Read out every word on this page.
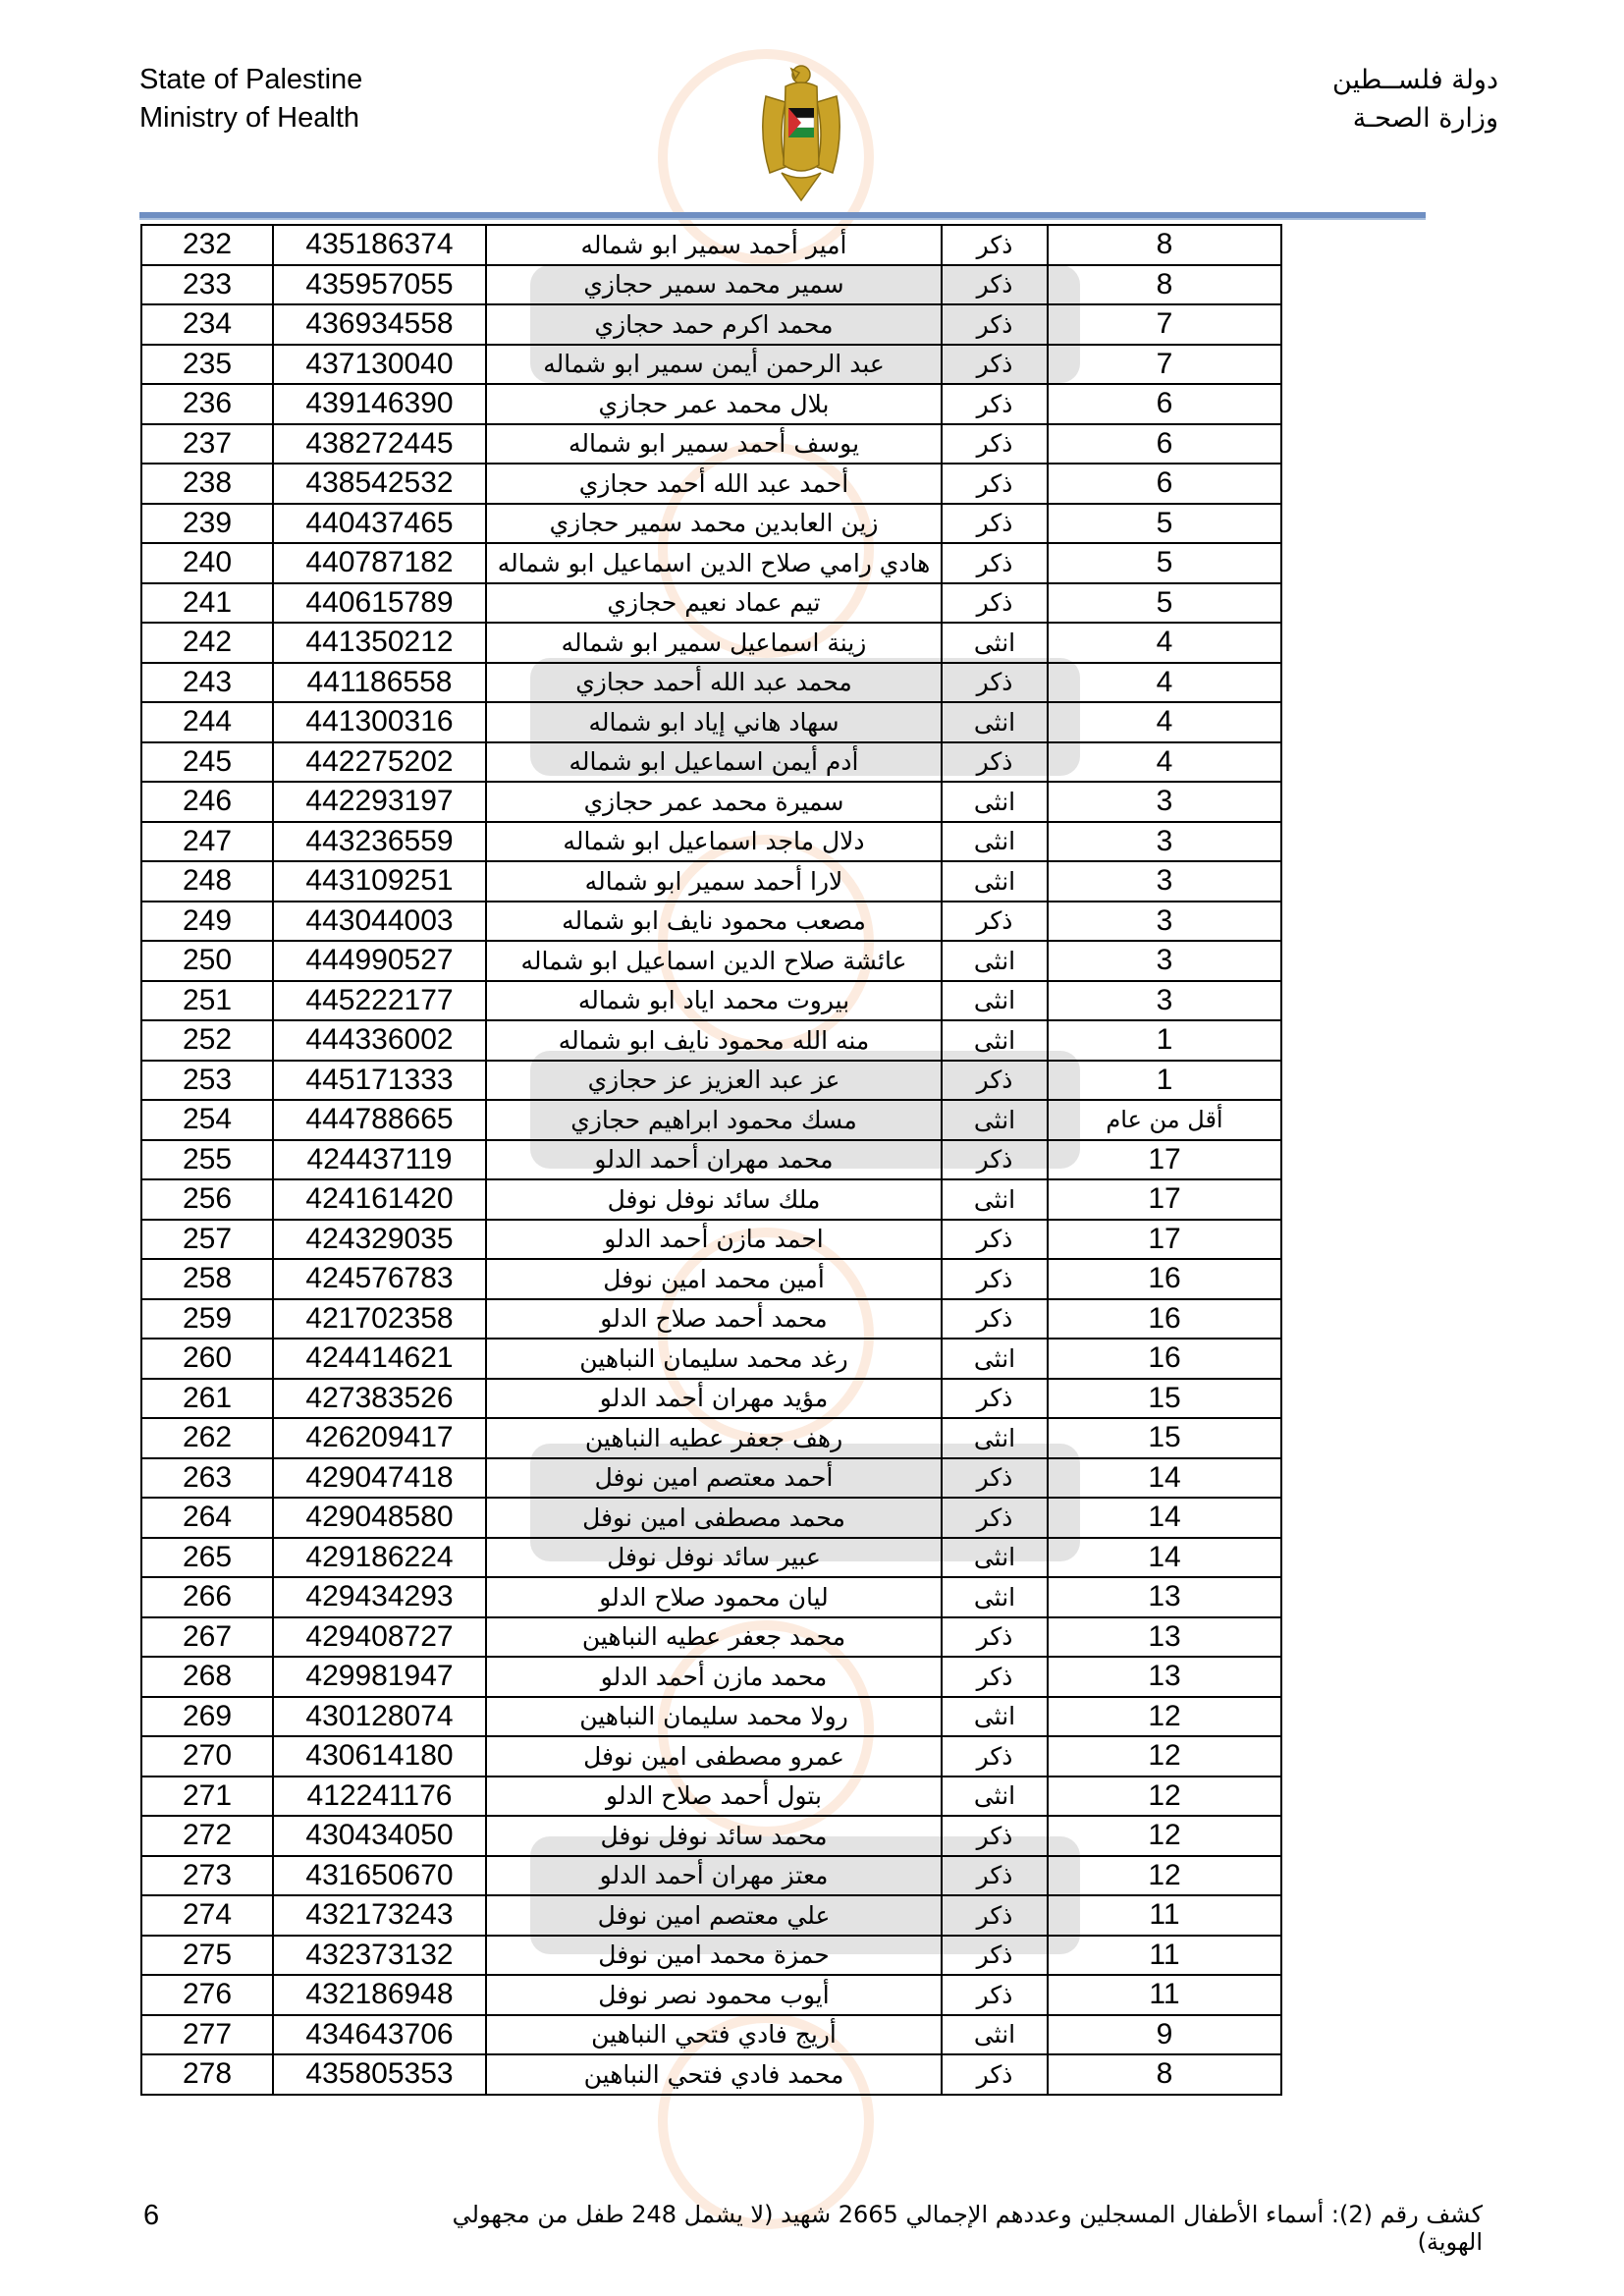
State of Palestine
Ministry of Health
دولة فلســطين
وزارة الصحـة
232	435186374	أمير أحمد سمير ابو شماله	ذكر	8
233	435957055	سمير محمد سمير حجازي	ذكر	8
234	436934558	محمد اكرم حمد حجازي	ذكر	7
235	437130040	عبد الرحمن أيمن سمير ابو شماله	ذكر	7
236	439146390	بلال محمد عمر حجازي	ذكر	6
237	438272445	يوسف أحمد سمير ابو شماله	ذكر	6
238	438542532	أحمد عبد الله أحمد حجازي	ذكر	6
239	440437465	زين العابدين محمد سمير حجازي	ذكر	5
240	440787182	هادي رامي صلاح الدين اسماعيل ابو شماله	ذكر	5
241	440615789	تيم عماد نعيم حجازي	ذكر	5
242	441350212	زينة اسماعيل سمير ابو شماله	انثى	4
243	441186558	محمد عبد الله أحمد حجازي	ذكر	4
244	441300316	سهاد هاني إياد ابو شماله	انثى	4
245	442275202	أدم أيمن اسماعيل ابو شماله	ذكر	4
246	442293197	سميرة محمد عمر حجازي	انثى	3
247	443236559	دلال ماجد اسماعيل ابو شماله	انثى	3
248	443109251	لارا أحمد سمير ابو شماله	انثى	3
249	443044003	مصعب محمود نايف ابو شماله	ذكر	3
250	444990527	عائشة صلاح الدين اسماعيل ابو شماله	انثى	3
251	445222177	بيروت محمد اياد ابو شماله	انثى	3
252	444336002	منه الله محمود نايف ابو شماله	انثى	1
253	445171333	عز عبد العزيز عز حجازي	ذكر	1
254	444788665	مسك محمود ابراهيم حجازي	انثى	أقل من عام
255	424437119	محمد مهران أحمد الدلو	ذكر	17
256	424161420	ملك سائد نوفل نوفل	انثى	17
257	424329035	احمد مازن أحمد الدلو	ذكر	17
258	424576783	أمين محمد امين نوفل	ذكر	16
259	421702358	محمد أحمد صلاح الدلو	ذكر	16
260	424414621	رغد محمد سليمان النباهين	انثى	16
261	427383526	مؤيد مهران أحمد الدلو	ذكر	15
262	426209417	رهف جعفر عطيه النباهين	انثى	15
263	429047418	أحمد معتصم امين نوفل	ذكر	14
264	429048580	محمد مصطفى امين نوفل	ذكر	14
265	429186224	عبير سائد نوفل نوفل	انثى	14
266	429434293	ليان محمود صلاح الدلو	انثى	13
267	429408727	محمد جعفر عطيه النباهين	ذكر	13
268	429981947	محمد مازن أحمد الدلو	ذكر	13
269	430128074	رولا محمد سليمان النباهين	انثى	12
270	430614180	عمرو مصطفى امين نوفل	ذكر	12
271	412241176	بتول أحمد صلاح الدلو	انثى	12
272	430434050	محمد سائد نوفل نوفل	ذكر	12
273	431650670	معتز مهران أحمد الدلو	ذكر	12
274	432173243	علي معتصم امين نوفل	ذكر	11
275	432373132	حمزة محمد امين نوفل	ذكر	11
276	432186948	أيوب محمود نصر نوفل	ذكر	11
277	434643706	أريج فادي فتحي النباهين	انثى	9
278	435805353	محمد فادي فتحي النباهين	ذكر	8
كشف رقم (2): أسماء الأطفال المسجلين وعددهم الإجمالي 2665 شهيد (لا يشمل 248 طفل من مجهولي الهوية)
6
